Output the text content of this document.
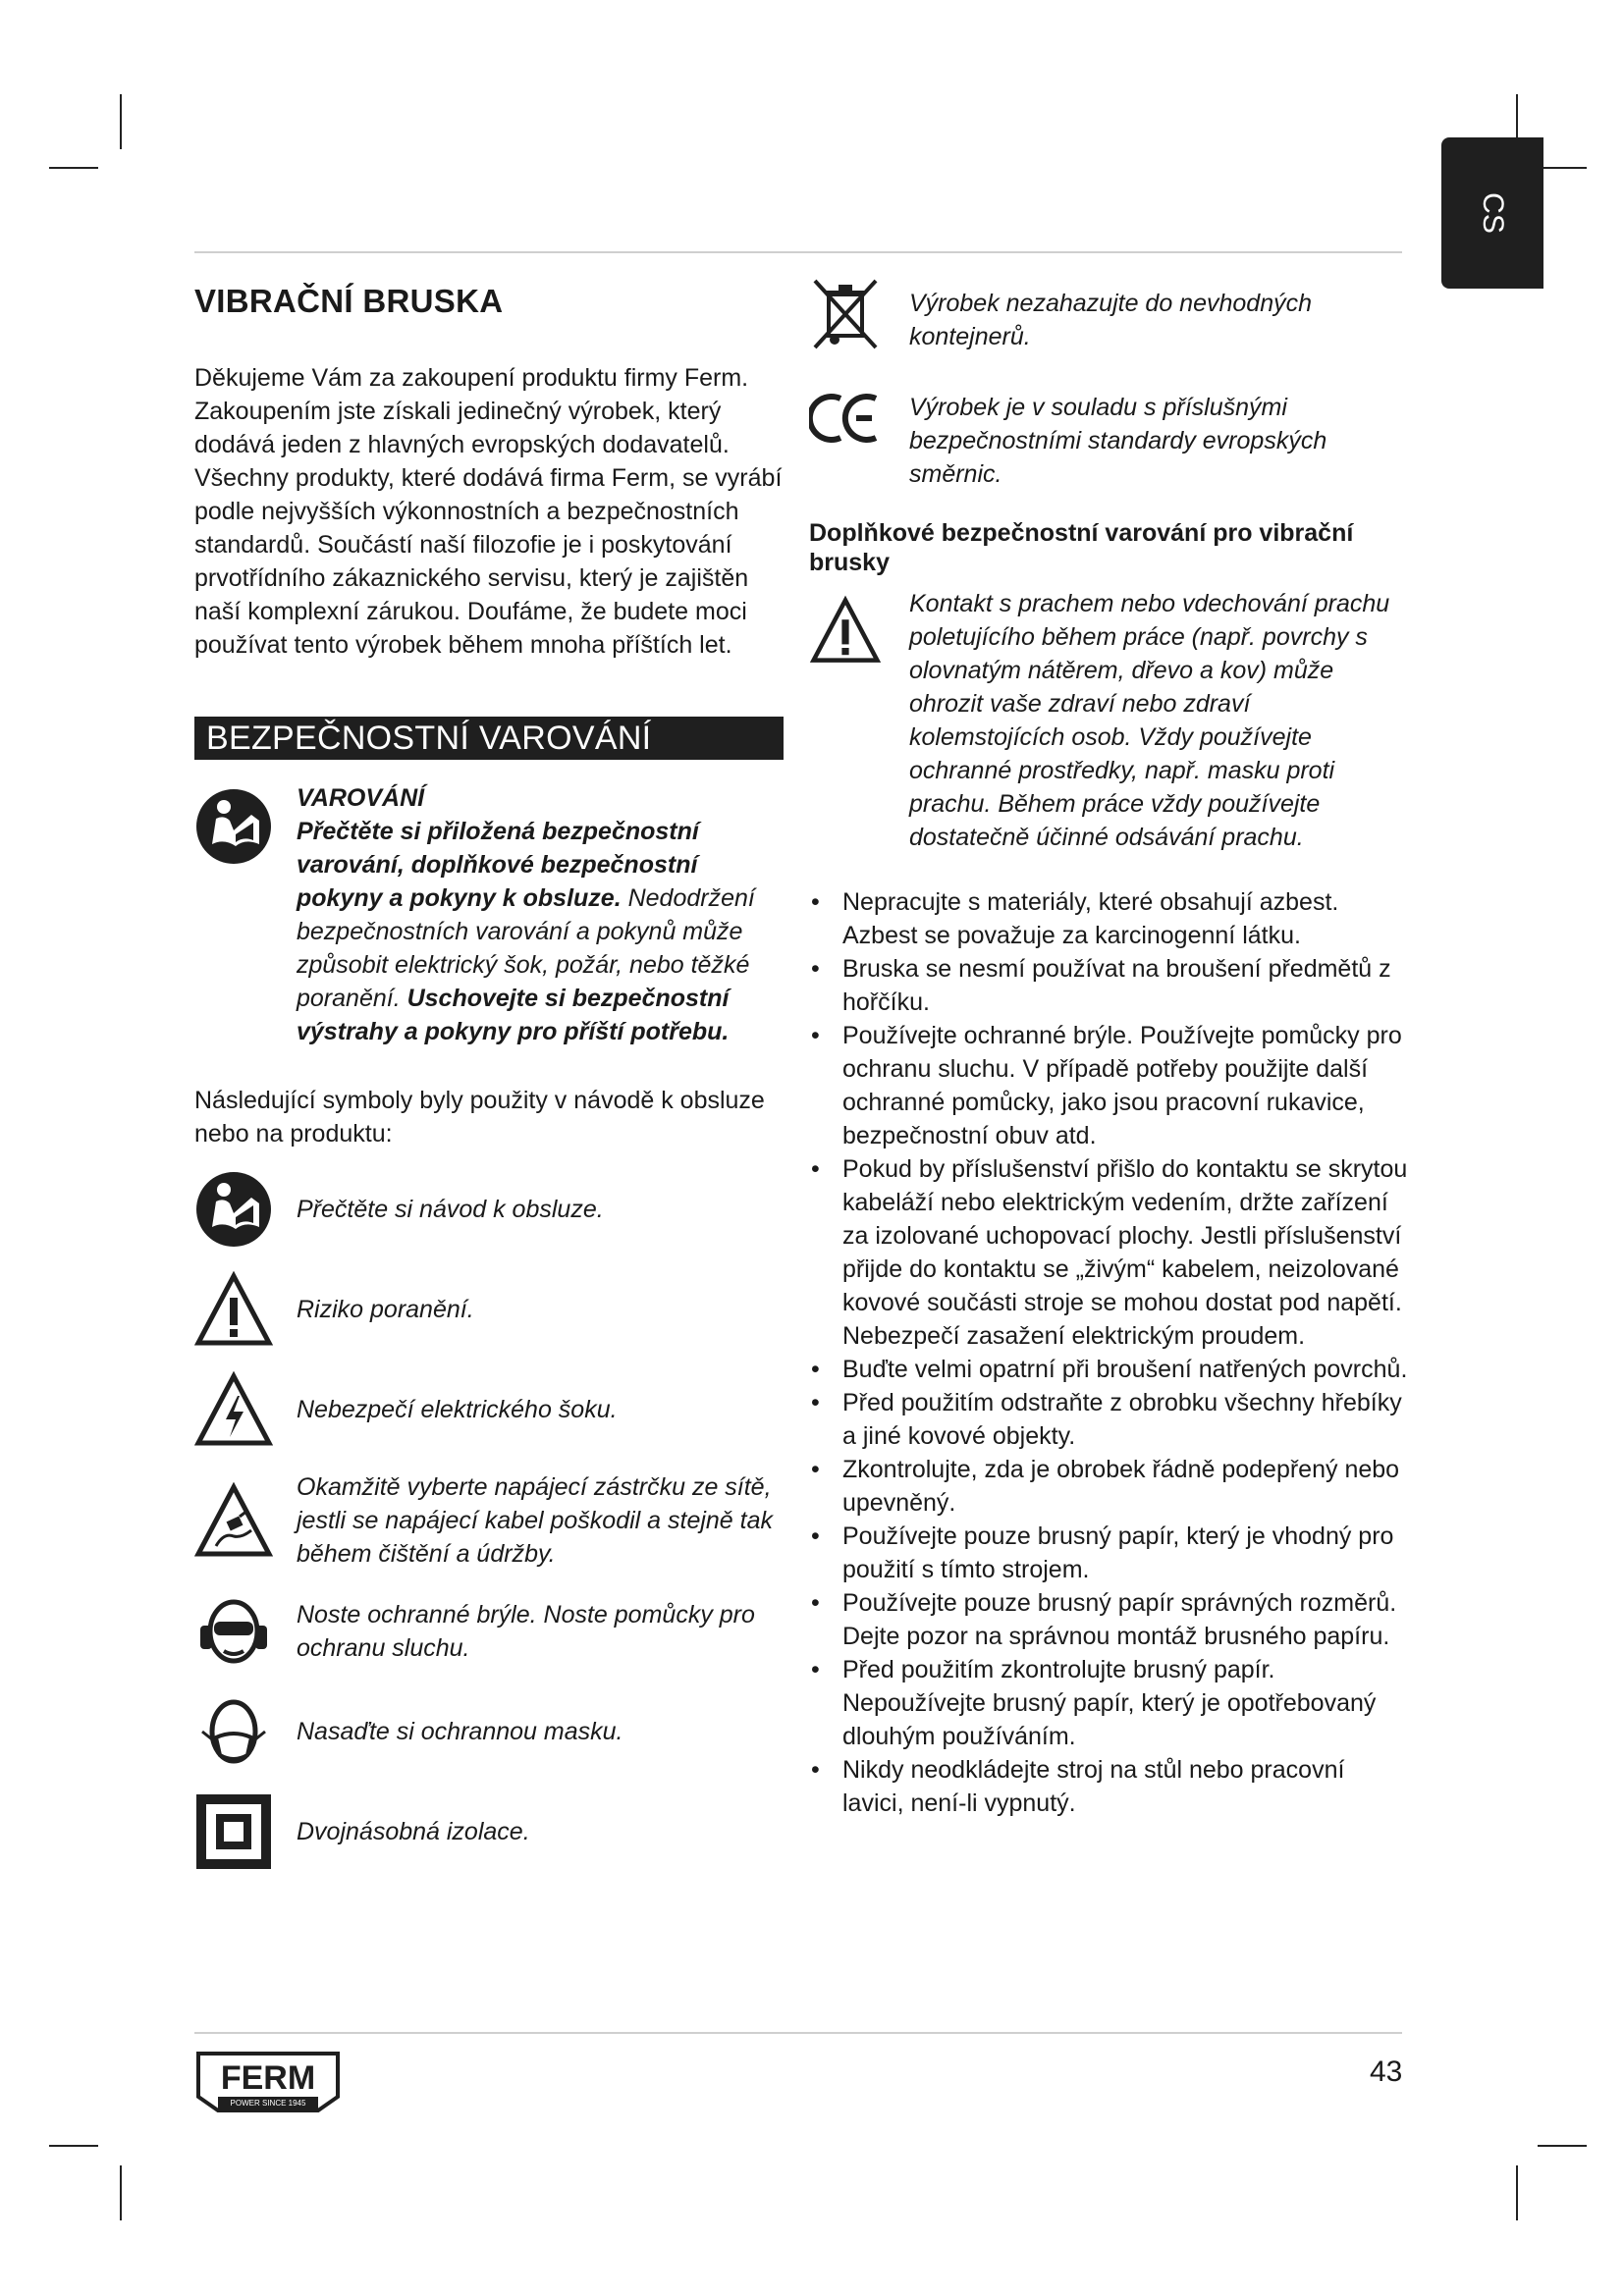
CS
VIBRAČNÍ BRUSKA

Děkujeme Vám za zakoupení produktu firmy Ferm. Zakoupením jste získali jedinečný výrobek, který dodává jeden z hlavných evropských dodavatelů. Všechny produkty, které dodává firma Ferm, se vyrábí podle nejvyšších výkonnostních a bezpečnostních standardů. Součástí naší filozofie je i poskytování prvotřídního zákaznického servisu, který je zajištěn naší komplexní zárukou. Doufáme, že budete moci používat tento výrobek během mnoha příštích let.

BEZPEČNOSTNÍ VAROVÁNÍ
VAROVÁNÍ
Přečtěte si přiložená bezpečnostní varování, doplňkové bezpečnostní pokyny a pokyny k obsluze. Nedodržení bezpečnostních varování a pokynů může způsobit elektrický šok, požár, nebo těžké poranění. Uschovejte si bezpečnostní výstrahy a pokyny pro příští potřebu.

Následující symboly byly použity v návodě k obsluze nebo na produktu:

Přečtěte si návod k obsluze.
Riziko poranění.
Nebezpečí elektrického šoku.
Okamžitě vyberte napájecí zástrčku ze sítě, jestli se napájecí kabel poškodil a stejně tak během čištění a údržby.
Noste ochranné brýle. Noste pomůcky pro ochranu sluchu.
Nasaďte si ochrannou masku.
Dvojnásobná izolace.
Výrobek nezahazujte do nevhodných kontejnerů.
Výrobek je v souladu s příslušnými bezpečnostními standardy evropských směrnic.
Doplňkové bezpečnostní varování pro vibrační brusky
Kontakt s prachem nebo vdechování prachu poletujícího během práce (např. povrchy s olovnatým nátěrem, dřevo a kov) může ohrozit vaše zdraví nebo zdraví kolemstojících osob. Vždy používejte ochranné prostředky, např. masku proti prachu. Během práce vždy používejte dostatečně účinné odsávání prachu.
• Nepracujte s materiály, které obsahují azbest. Azbest se považuje za karcinogenní látku.
• Bruska se nesmí používat na broušení předmětů z hořčíku.
• Používejte ochranné brýle. Používejte pomůcky pro ochranu sluchu. V případě potřeby použijte další ochranné pomůcky, jako jsou pracovní rukavice, bezpečnostní obuv atd.
• Pokud by příslušenství přišlo do kontaktu se skrytou kabeláží nebo elektrickým vedením, držte zařízení za izolované uchopovací plochy. Jestli příslušenství přijde do kontaktu se „živým“ kabelem, neizolované kovové součásti stroje se mohou dostat pod napětí. Nebezpečí zasažení elektrickým proudem.
• Buďte velmi opatrní při broušení natřených povrchů.
• Před použitím odstraňte z obrobku všechny hřebíky a jiné kovové objekty.
• Zkontrolujte, zda je obrobek řádně podepřený nebo upevněný.
• Používejte pouze brusný papír, který je vhodný pro použití s tímto strojem.
• Používejte pouze brusný papír správných rozměrů. Dejte pozor na správnou montáž brusného papíru.
• Před použitím zkontrolujte brusný papír. Nepoužívejte brusný papír, který je opotřebovaný dlouhým používáním.
• Nikdy neodkládejte stroj na stůl nebo pracovní lavici, není-li vypnutý.
FERM
POWER SINCE 1945
43
